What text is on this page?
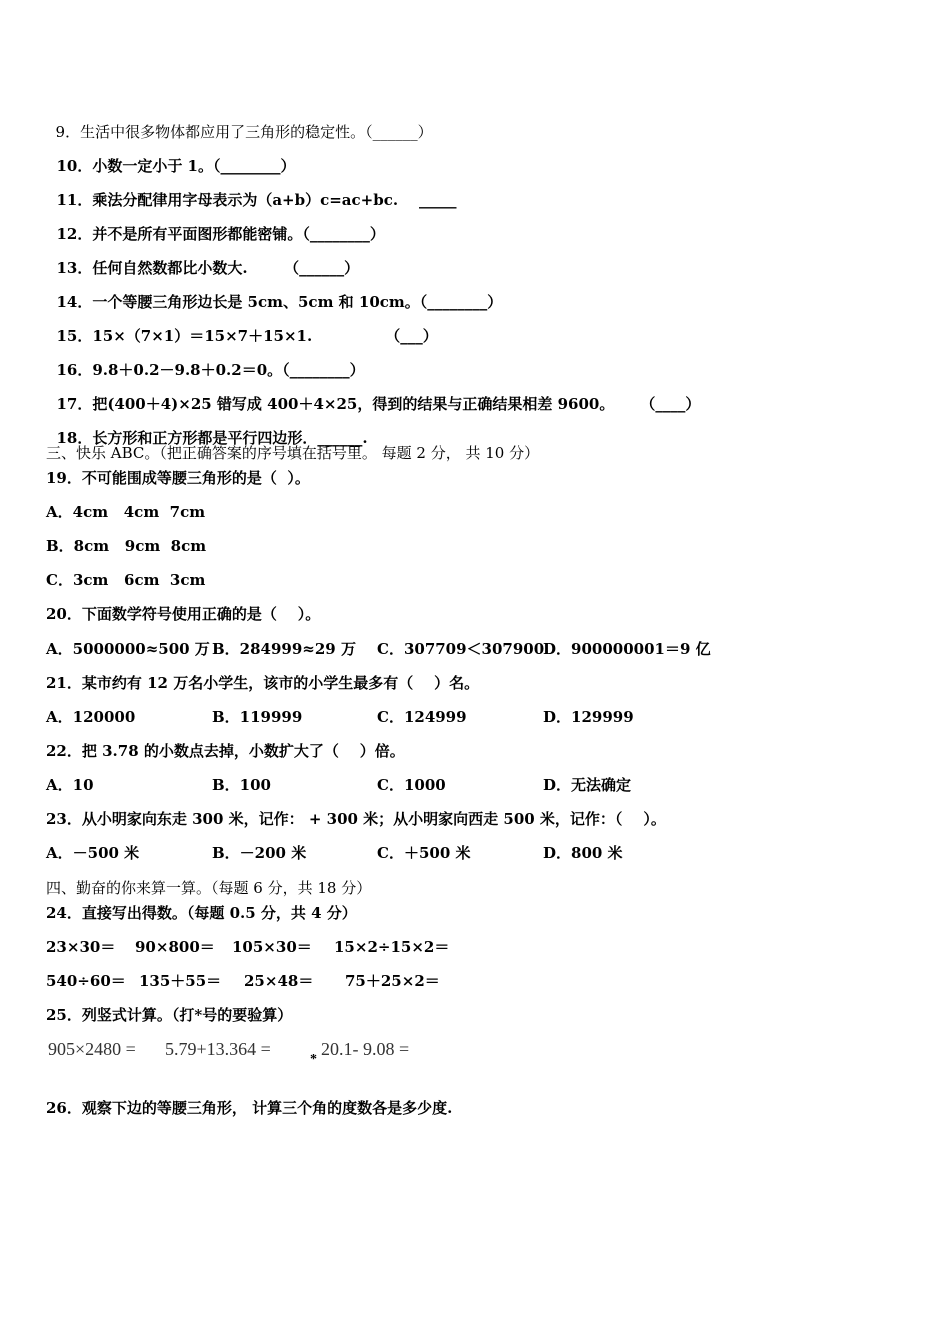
9．生活中很多物体都应用了三角形的稳定性。（______）

10．小数一定小于 1。（________）

11．乘法分配律用字母表示为（a+b）c=ac+bc.    _____

12．并不是所有平面图形都能密铺。（________）

13．任何自然数都比小数大.       （______）

14．一个等腰三角形边长是 5cm、5cm 和 10cm。（________）

15．15×（7×1）＝15×7＋15×1.              （___）

16．9.8＋0.2－9.8＋0.2＝0。（________）

17．把(400＋4)×25 错写成 400＋4×25，得到的结果与正确结果相差 9600。     （____）

18．长方形和正方形都是平行四边形．______.

三、快乐 ABC。（把正确答案的序号填在括号里。 每题 2 分， 共 10 分）
19．不可能围成等腰三角形的是（  ）。
A．4cm   4cm  7cm
B．8cm   9cm  8cm
C．3cm   6cm  3cm
20．下面数学符号使用正确的是（    ）。
A．5000000≈500 万 B．284999≈29 万 C．307709＜307900
D．900000001＝9 亿
21．某市约有 12 万名小学生，该市的小学生最多有（    ）名。
A．120000	B．119999	C．124999	D．129999
22．把 3.78 的小数点去掉，小数扩大了（    ）倍。
A．10	B．100	C．1000	D．无法确定
23．从小明家向东走 300 米，记作： + 300 米；从小明家向西走 500 米，记作：（    ）。
A．－500 米	B．－200 米	C．＋500 米	D．800 米
四、勤奋的你来算一算。（每题 6 分，共 18 分）
24．直接写出得数。（每题 0.5 分，共 4 分）
23×30＝ 90×800＝ 105×30＝ 15×2÷15×2＝
540÷60＝ 135＋55＝ 25×48＝ 75＋25×2＝
25．列竖式计算。（打*号的要验算）
905×2480 = 5.79+13.364 =
*
20.1- 9.08 =
26．观察下边的等腰三角形， 计算三个角的度数各是多少度.
